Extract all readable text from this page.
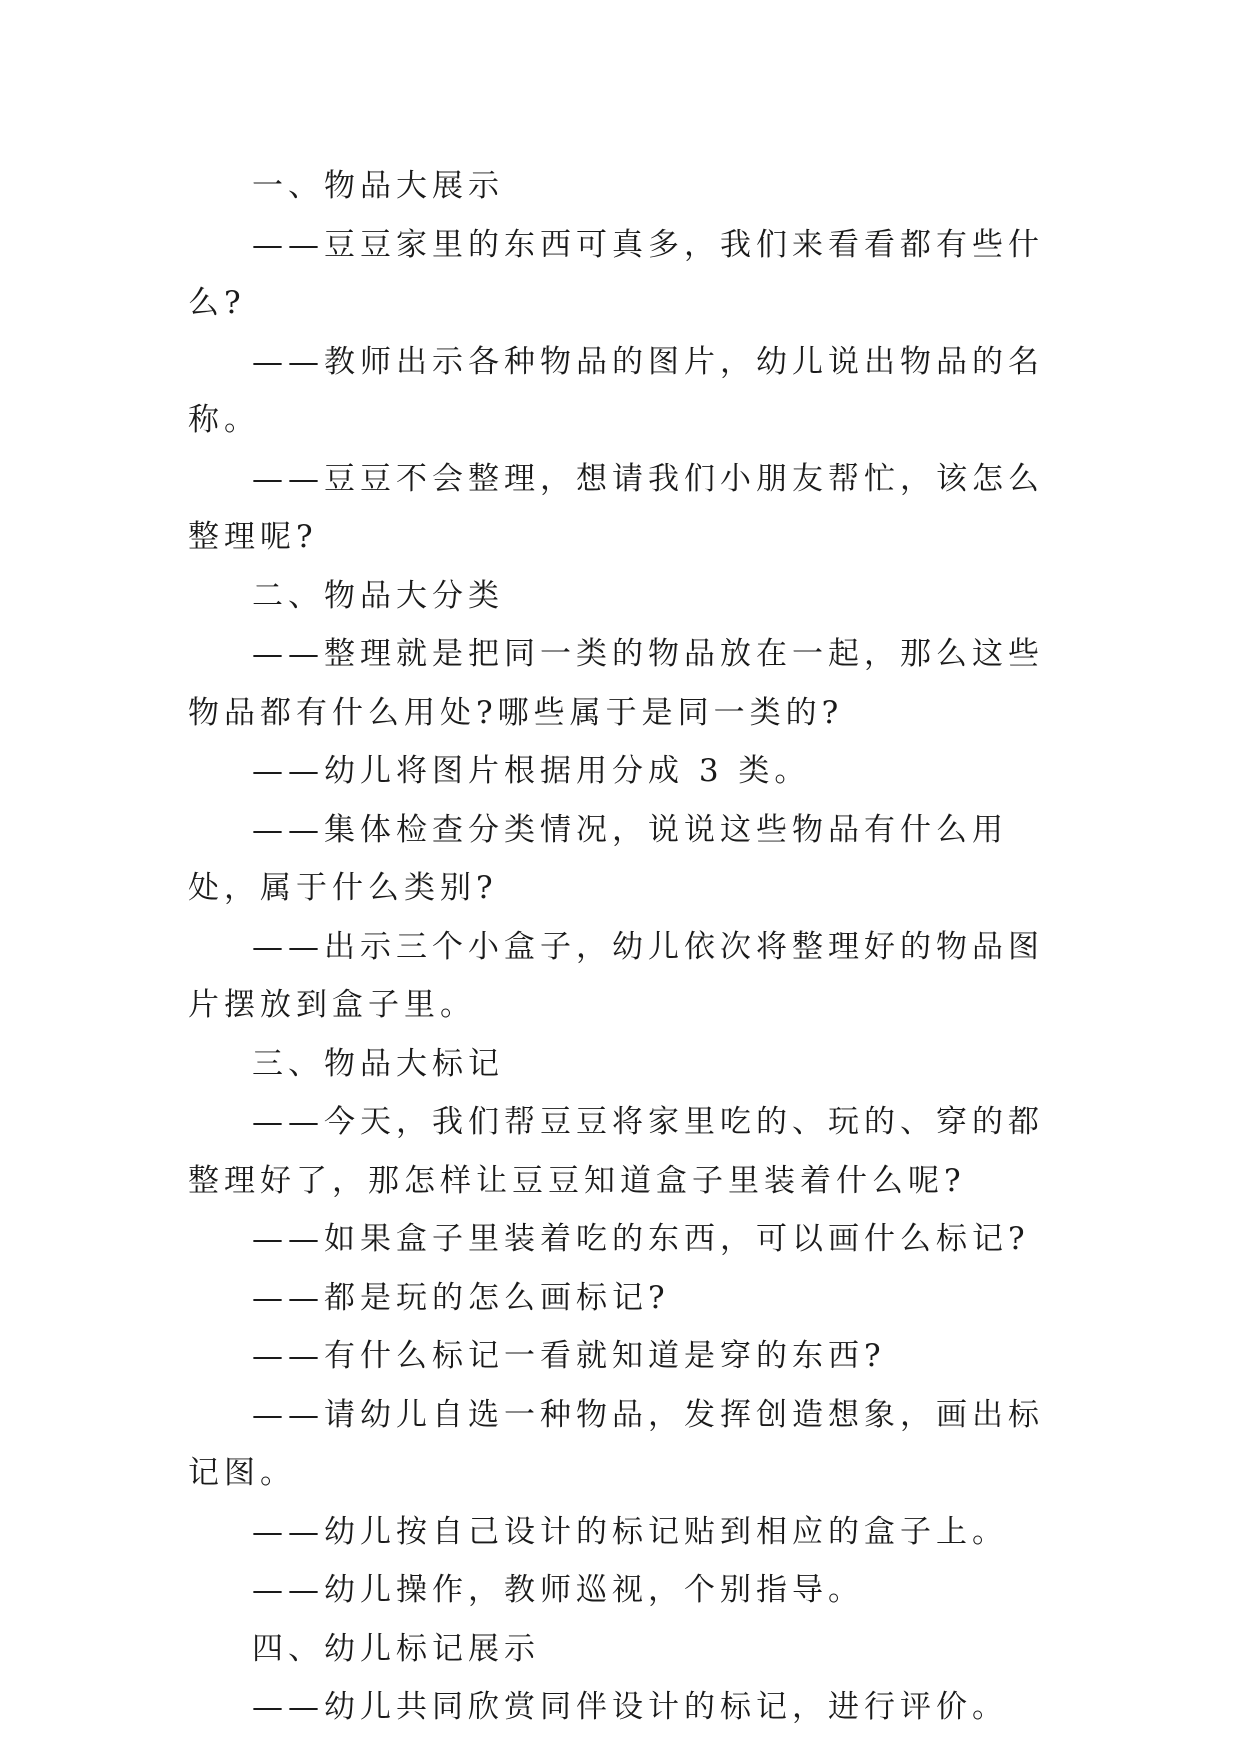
一、物品大展示

——豆豆家里的东西可真多，我们来看看都有些什么?

——教师出示各种物品的图片，幼儿说出物品的名称。

——豆豆不会整理，想请我们小朋友帮忙，该怎么整理呢?

二、物品大分类

——整理就是把同一类的物品放在一起，那么这些物品都有什么用处?哪些属于是同一类的?

——幼儿将图片根据用分成 3 类。

——集体检查分类情况，说说这些物品有什么用处，属于什么类别?

——出示三个小盒子，幼儿依次将整理好的物品图片摆放到盒子里。

三、物品大标记

——今天，我们帮豆豆将家里吃的、玩的、穿的都整理好了，那怎样让豆豆知道盒子里装着什么呢?

——如果盒子里装着吃的东西，可以画什么标记?

——都是玩的怎么画标记?

——有什么标记一看就知道是穿的东西?

——请幼儿自选一种物品，发挥创造想象，画出标记图。

——幼儿按自己设计的标记贴到相应的盒子上。

——幼儿操作，教师巡视，个别指导。

四、幼儿标记展示

——幼儿共同欣赏同伴设计的标记，进行评价。
